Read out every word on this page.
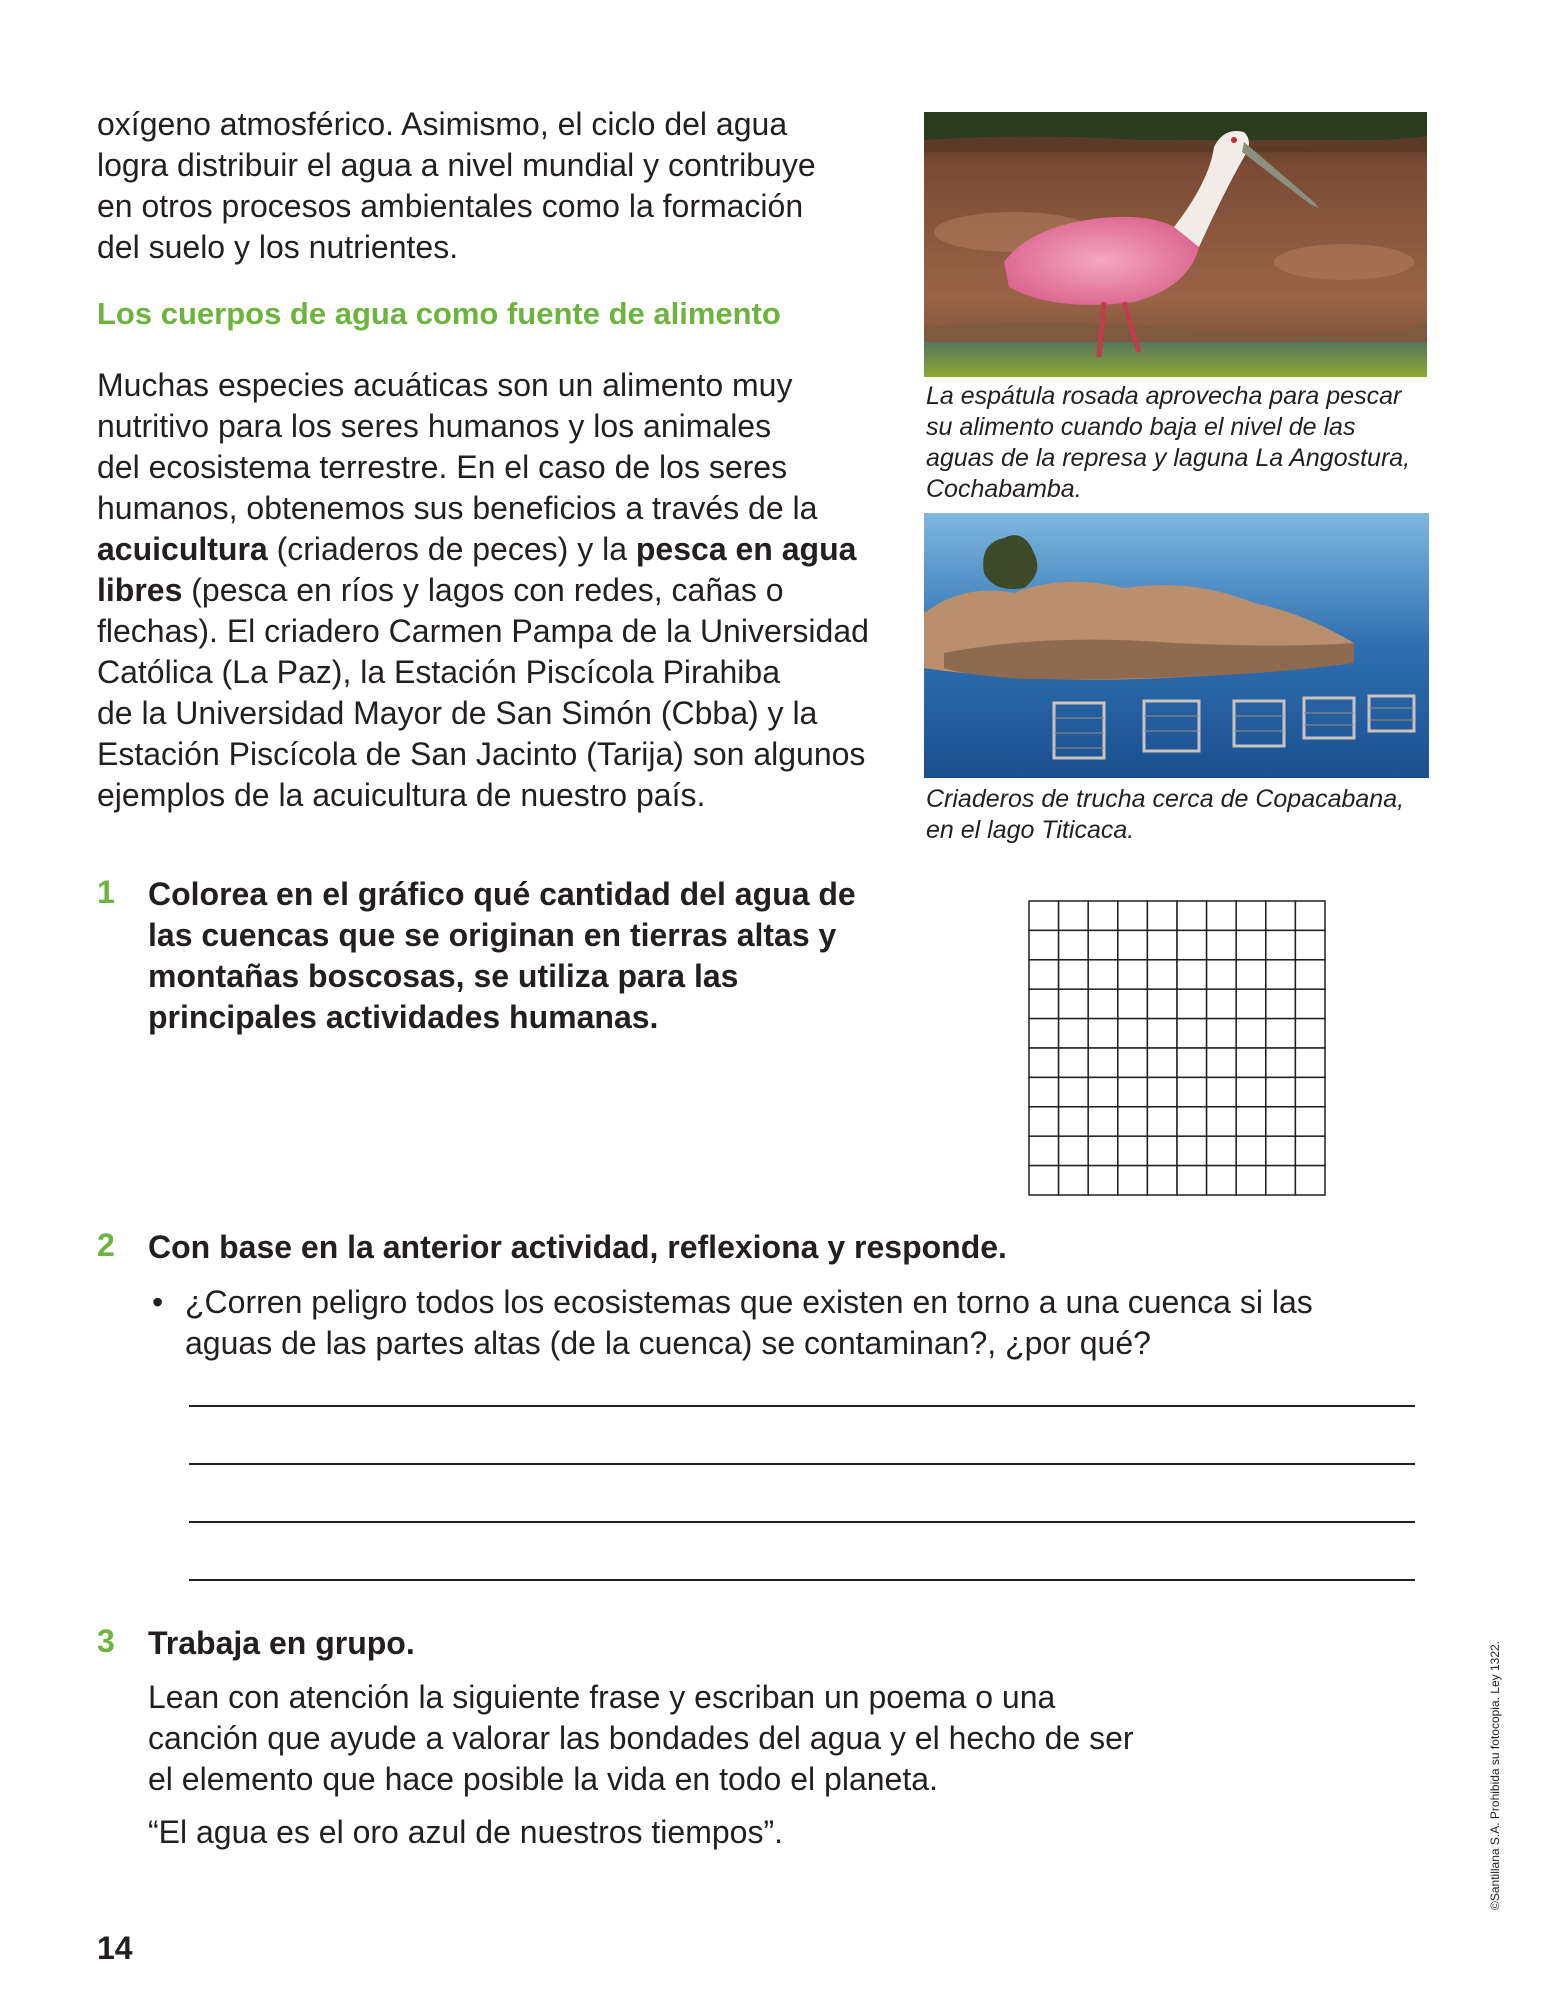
oxígeno atmosférico. Asimismo, el ciclo del agua
logra distribuir el agua a nivel mundial y contribuye
en otros procesos ambientales como la formación
del suelo y los nutrientes.
Los cuerpos de agua como fuente de alimento
Muchas especies acuáticas son un alimento muy
nutritivo para los seres humanos y los animales
del ecosistema terrestre. En el caso de los seres
humanos, obtenemos sus beneficios a través de la
acuicultura (criaderos de peces) y la pesca en agua
libres (pesca en ríos y lagos con redes, cañas o
flechas). El criadero Carmen Pampa de la Universidad
Católica (La Paz), la Estación Piscícola Pirahiba
de la Universidad Mayor de San Simón (Cbba) y la
Estación Piscícola de San Jacinto (Tarija) son algunos
ejemplos de la acuicultura de nuestro país.
La espátula rosada aprovecha para pescar
su alimento cuando baja el nivel de las
aguas de la represa y laguna La Angostura,
Cochabamba.
Criaderos de trucha cerca de Copacabana,
en el lago Titicaca.
1 Colorea en el gráfico qué cantidad del agua de
las cuencas que se originan en tierras altas y
montañas boscosas, se utiliza para las
principales actividades humanas.
2 Con base en la anterior actividad, reflexiona y responde.
• ¿Corren peligro todos los ecosistemas que existen en torno a una cuenca si las
aguas de las partes altas (de la cuenca) se contaminan?, ¿por qué?
3 Trabaja en grupo.
Lean con atención la siguiente frase y escriban un poema o una
canción que ayude a valorar las bondades del agua y el hecho de ser
el elemento que hace posible la vida en todo el planeta.
“El agua es el oro azul de nuestros tiempos”.
14
©Santillana S.A. Prohibida su fotocopia. Ley 1322.
